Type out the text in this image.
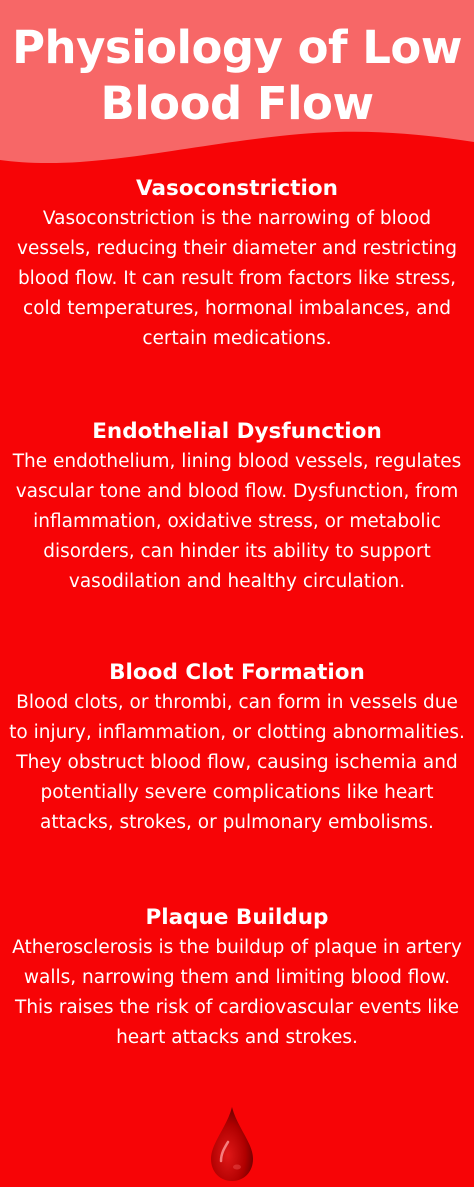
Physiology of Low Blood Flow
Vasoconstriction

Vasoconstriction is the narrowing of blood vessels, reducing their diameter and restricting blood flow. It can result from factors like stress, cold temperatures, hormonal imbalances, and certain medications.

Endothelial Dysfunction

The endothelium, lining blood vessels, regulates vascular tone and blood flow. Dysfunction, from inflammation, oxidative stress, or metabolic disorders, can hinder its ability to support vasodilation and healthy circulation.

Blood Clot Formation

Blood clots, or thrombi, can form in vessels due to injury, inflammation, or clotting abnormalities. They obstruct blood flow, causing ischemia and potentially severe complications like heart attacks, strokes, or pulmonary embolisms.

Plaque Buildup

Atherosclerosis is the buildup of plaque in artery walls, narrowing them and limiting blood flow. This raises the risk of cardiovascular events like heart attacks and strokes.
